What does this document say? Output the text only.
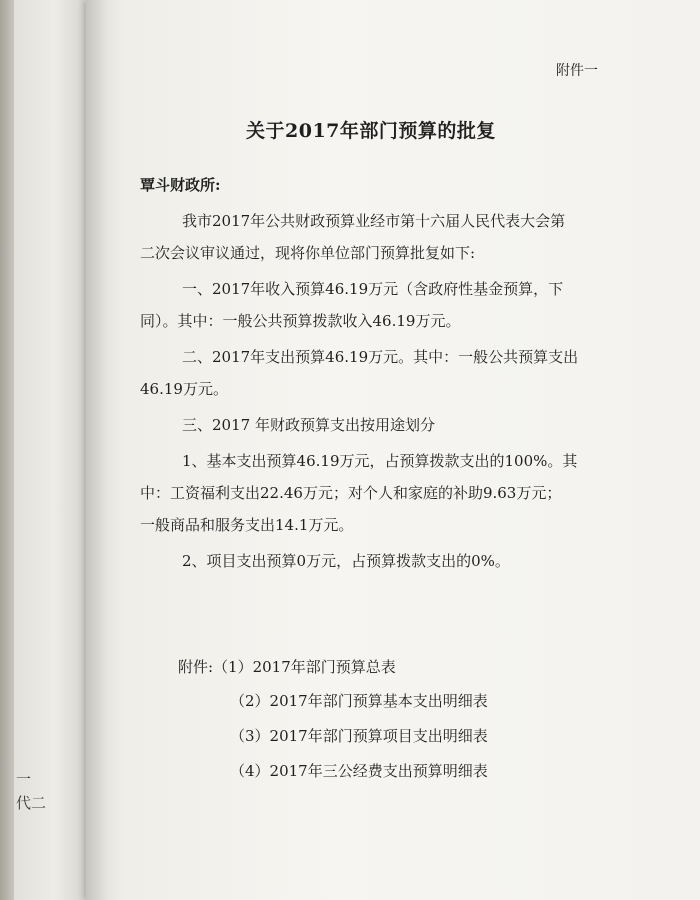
一
代二
附件一
关于2017年部门预算的批复
覃斗财政所:
我市2017年公共财政预算业经市第十六届人民代表大会第
二次会议审议通过，现将你单位部门预算批复如下:
一、2017年收入预算46.19万元（含政府性基金预算，下
同）。其中：一般公共预算拨款收入46.19万元。
二、2017年支出预算46.19万元。其中：一般公共预算支出
46.19万元。
三、2017 年财政预算支出按用途划分
1、基本支出预算46.19万元，占预算拨款支出的100%。其
中：工资福利支出22.46万元；对个人和家庭的补助9.63万元；
一般商品和服务支出14.1万元。
2、项目支出预算0万元，占预算拨款支出的0%。
附件:（1）2017年部门预算总表
（2）2017年部门预算基本支出明细表
（3）2017年部门预算项目支出明细表
（4）2017年三公经费支出预算明细表
